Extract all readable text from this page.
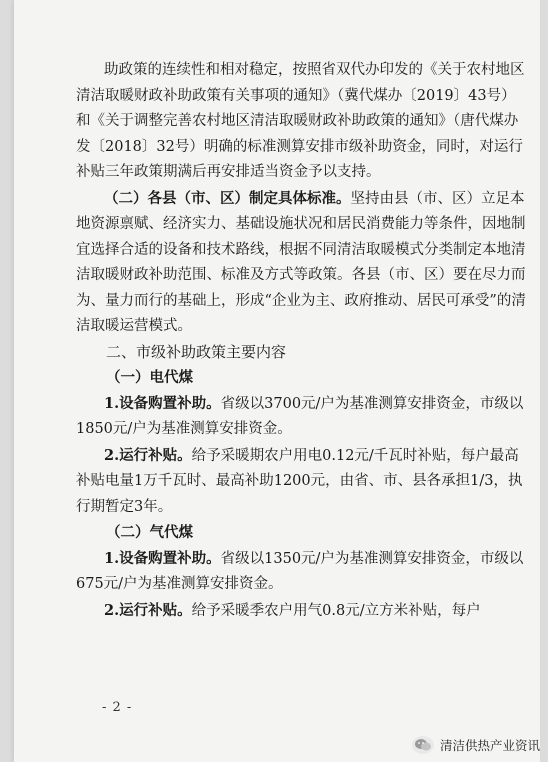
助政策的连续性和相对稳定，按照省双代办印发的《关于农村地区清洁取暖财政补助政策有关事项的通知》（冀代煤办〔2019〕43号）和《关于调整完善农村地区清洁取暖财政补助政策的通知》（唐代煤办发〔2018〕32号）明确的标准测算安排市级补助资金，同时，对运行补贴三年政策期满后再安排适当资金予以支持。

（二）各县（市、区）制定具体标准。坚持由县（市、区）立足本地资源禀赋、经济实力、基础设施状况和居民消费能力等条件，因地制宜选择合适的设备和技术路线，根据不同清洁取暖模式分类制定本地清洁取暖财政补助范围、标准及方式等政策。各县（市、区）要在尽力而为、量力而行的基础上，形成“企业为主、政府推动、居民可承受”的清洁取暖运营模式。

二、市级补助政策主要内容

（一）电代煤

1.设备购置补助。省级以3700元/户为基准测算安排资金，市级以1850元/户为基准测算安排资金。

2.运行补贴。给予采暖期农户用电0.12元/千瓦时补贴，每户最高补贴电量1万千瓦时、最高补助1200元，由省、市、县各承担1/3，执行期暂定3年。

（二）气代煤

1.设备购置补助。省级以1350元/户为基准测算安排资金，市级以675元/户为基准测算安排资金。

2.运行补贴。给予采暖季农户用气0.8元/立方米补贴，每户

- 2 -
清洁供热产业资讯
